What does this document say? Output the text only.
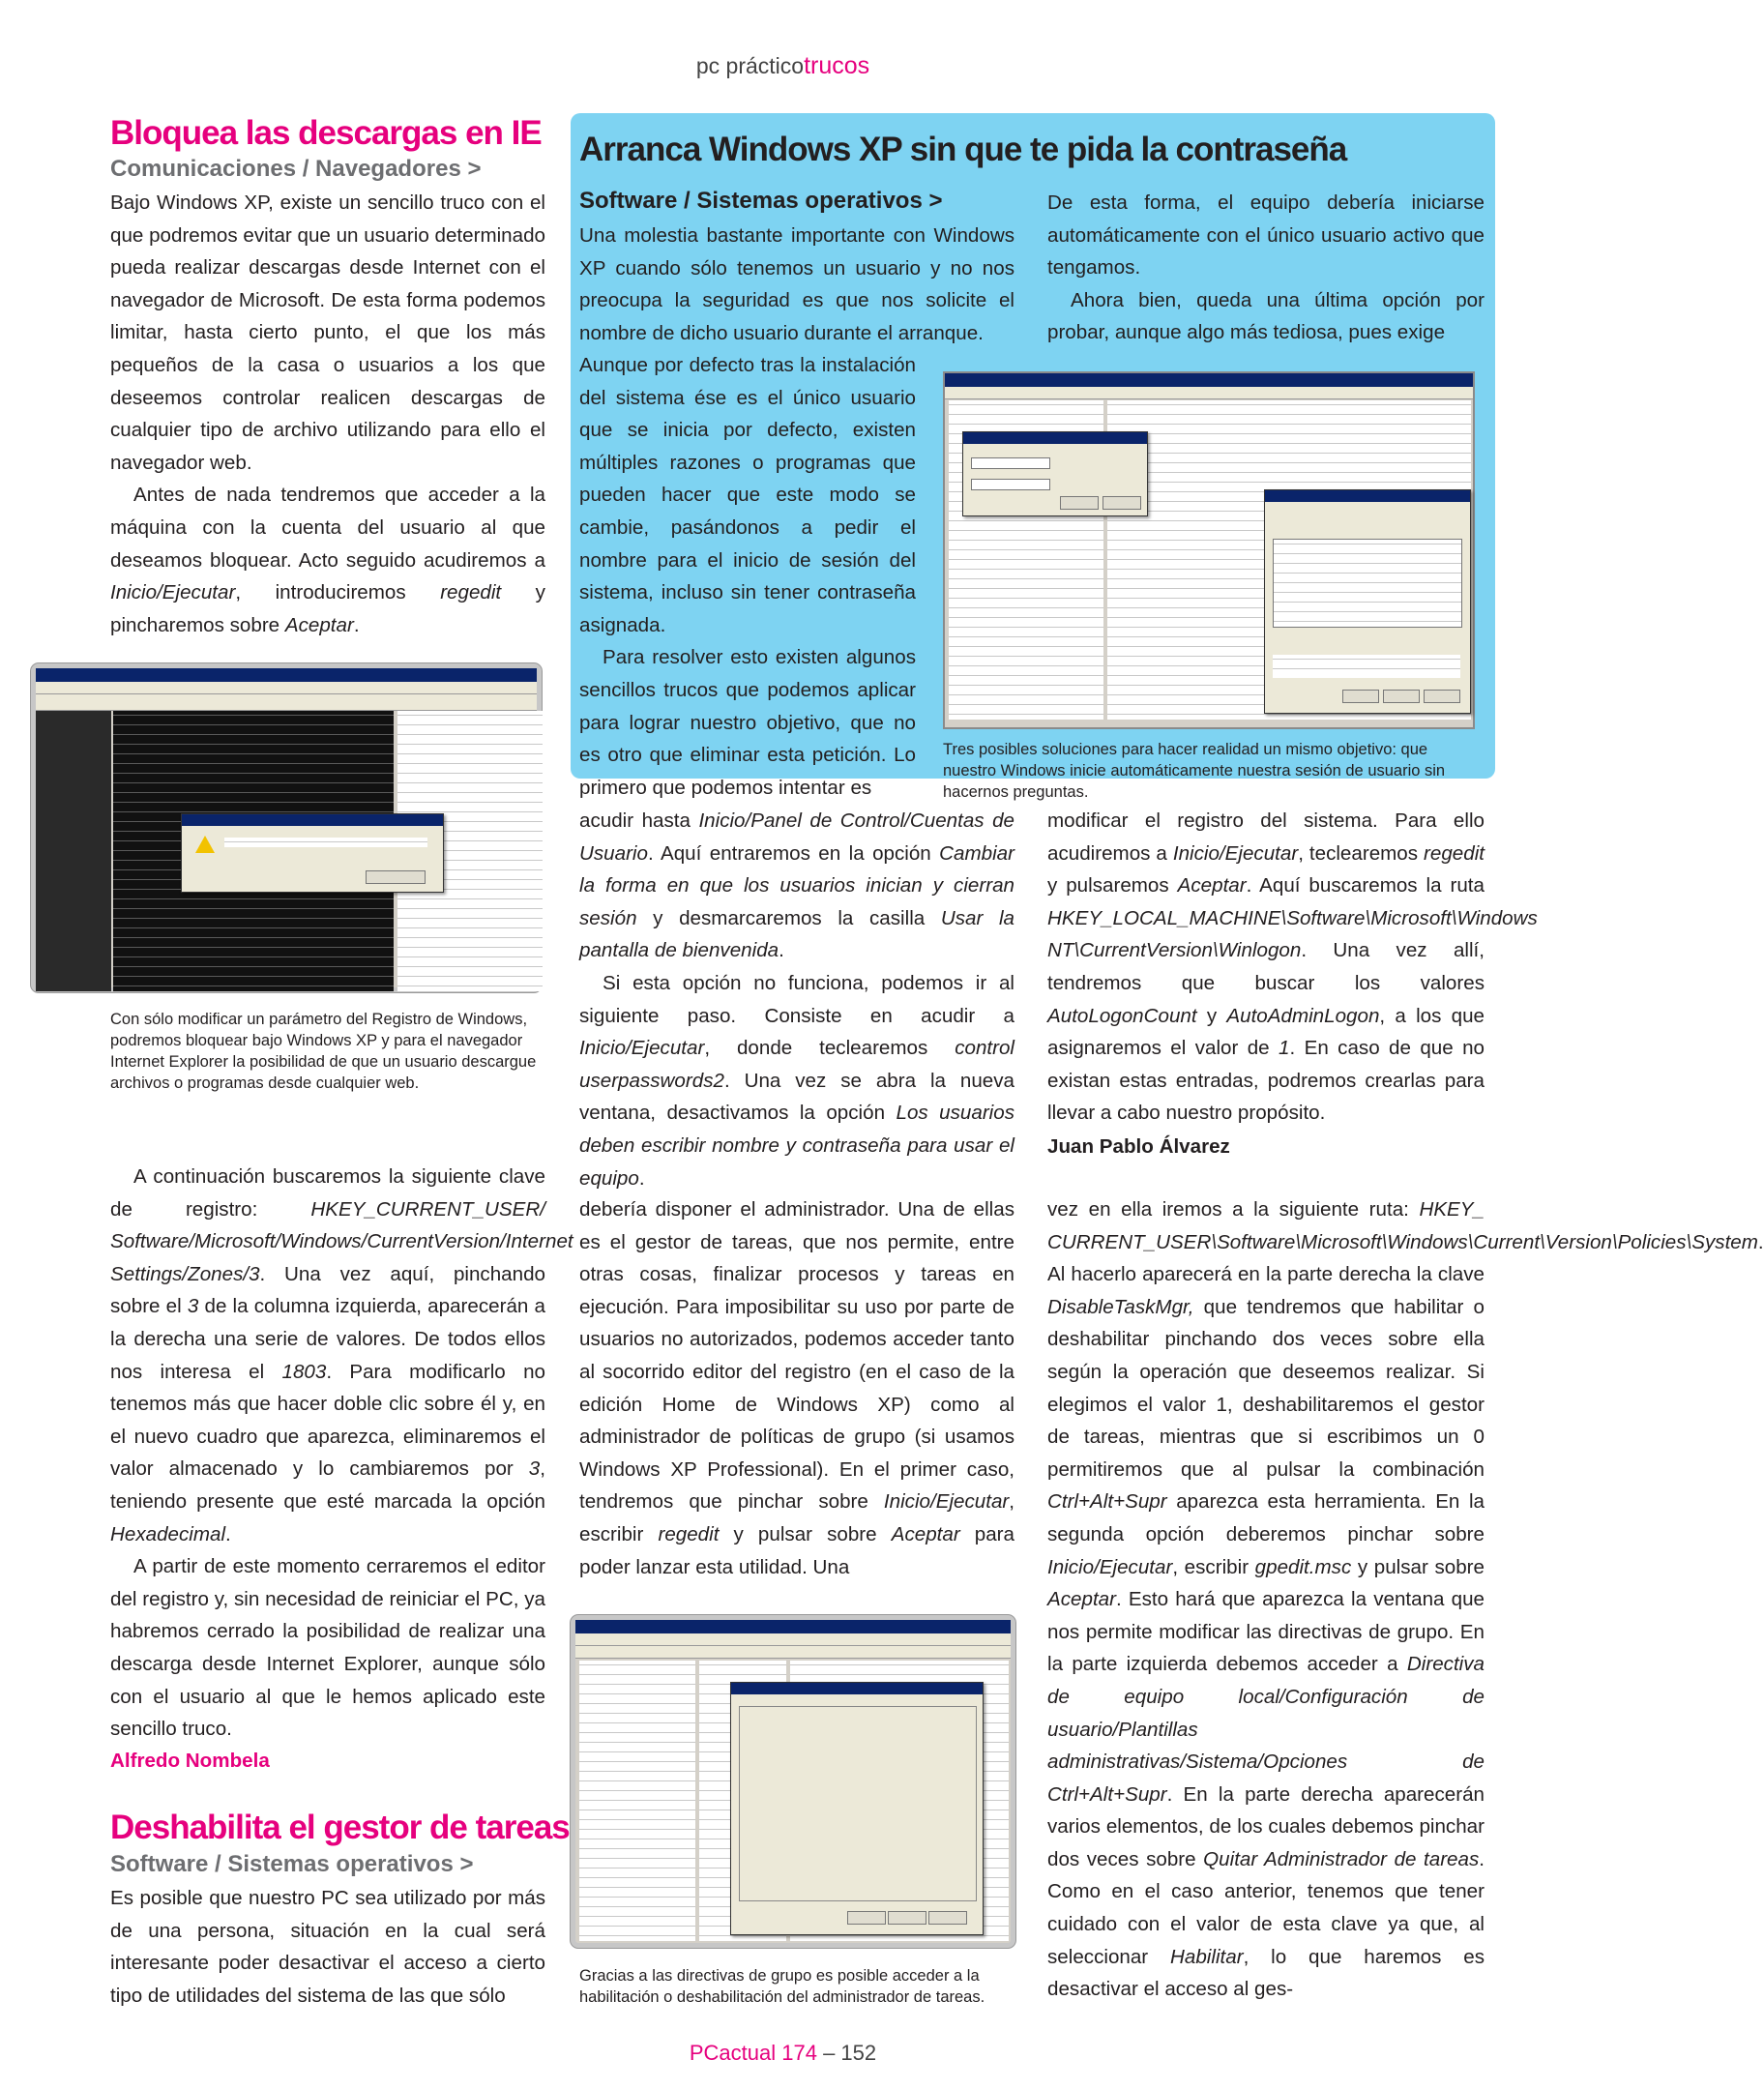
pc prácticotrucos
Bloquea las descargas en IE
Comunicaciones / Navegadores >

Bajo Windows XP, existe un sencillo truco con el que podremos evitar que un usuario determinado pueda realizar descargas desde Internet con el navegador de Microsoft. De esta forma podemos limitar, hasta cierto punto, el que los más pequeños de la casa o usuarios a los que deseemos controlar realicen descargas de cualquier tipo de archivo utilizando para ello el navegador web.

Antes de nada tendremos que acceder a la máquina con la cuenta del usuario al que deseamos bloquear. Acto seguido acudiremos a Inicio/Ejecutar, introduciremos regedit y pincharemos sobre Aceptar.

Con sólo modificar un parámetro del Registro de Windows, podremos bloquear bajo Windows XP y para el navegador Internet Explorer la posibilidad de que un usuario descargue archivos o programas desde cualquier web.

A continuación buscaremos la siguiente clave de registro: HKEY_CURRENT_USER/ Software/Microsoft/Windows/CurrentVersion/Internet Settings/Zones/3. Una vez aquí, pinchando sobre el 3 de la columna izquierda, aparecerán a la derecha una serie de valores. De todos ellos nos interesa el 1803. Para modificarlo no tenemos más que hacer doble clic sobre él y, en el nuevo cuadro que aparezca, eliminaremos el valor almacenado y lo cambiaremos por 3, teniendo presente que esté marcada la opción Hexadecimal.

A partir de este momento cerraremos el editor del registro y, sin necesidad de reiniciar el PC, ya habremos cerrado la posibilidad de realizar una descarga desde Internet Explorer, aunque sólo con el usuario al que le hemos aplicado este sencillo truco.

Alfredo Nombela
Deshabilita el gestor de tareas
Software / Sistemas operativos >

Es posible que nuestro PC sea utilizado por más de una persona, situación en la cual será interesante poder desactivar el acceso a cierto tipo de utilidades del sistema de las que sólo

Arranca Windows XP sin que te pida la contraseña
Software / Sistemas operativos >

Una molestia bastante importante con Windows XP cuando sólo tenemos un usuario y no nos preocupa la seguridad es que nos solicite el nombre de dicho usuario durante el arranque.

Aunque por defecto tras la instalación del sistema ése es el único usuario que se inicia por defecto, existen múltiples razones o programas que pueden hacer que este modo se cambie, pasándonos a pedir el nombre para el inicio de sesión del sistema, incluso sin tener contraseña asignada.

Para resolver esto existen algunos sencillos trucos que podemos aplicar para lograr nuestro objetivo, que no es otro que eliminar esta petición. Lo primero que podemos intentar es

acudir hasta Inicio/Panel de Control/Cuentas de Usuario. Aquí entraremos en la opción Cambiar la forma en que los usuarios inician y cierran sesión y desmarcaremos la casilla Usar la pantalla de bienvenida.

Si esta opción no funciona, podemos ir al siguiente paso. Consiste en acudir a Inicio/Ejecutar, donde teclearemos control userpasswords2. Una vez se abra la nueva ventana, desactivamos la opción Los usuarios deben escribir nombre y contraseña para usar el equipo.

De esta forma, el equipo debería iniciarse automáticamente con el único usuario activo que tengamos.

Ahora bien, queda una última opción por probar, aunque algo más tediosa, pues exige

Tres posibles soluciones para hacer realidad un mismo objetivo: que nuestro Windows inicie automáticamente nuestra sesión de usuario sin hacernos preguntas.

modificar el registro del sistema. Para ello acudiremos a Inicio/Ejecutar, teclearemos regedit y pulsaremos Aceptar. Aquí buscaremos la ruta HKEY_LOCAL_MACHINE\Software\Microsoft\Windows NT\CurrentVersion\Winlogon. Una vez allí, tendremos que buscar los valores AutoLogonCount y AutoAdminLogon, a los que asignaremos el valor de 1. En caso de que no existan estas entradas, podremos crearlas para llevar a cabo nuestro propósito.

Juan Pablo Álvarez

debería disponer el administrador. Una de ellas es el gestor de tareas, que nos permite, entre otras cosas, finalizar procesos y tareas en ejecución. Para imposibilitar su uso por parte de usuarios no autorizados, podemos acceder tanto al socorrido editor del registro (en el caso de la edición Home de Windows XP) como al administrador de políticas de grupo (si usamos Windows XP Professional). En el primer caso, tendremos que pinchar sobre Inicio/Ejecutar, escribir regedit y pulsar sobre Aceptar para poder lanzar esta utilidad. Una

Gracias a las directivas de grupo es posible acceder a la habilitación o deshabilitación del administrador de tareas.

vez en ella iremos a la siguiente ruta: HKEY_ CURRENT_USER\Software\Microsoft\Windows\Current\Version\Policies\System. Al hacerlo aparecerá en la parte derecha la clave DisableTaskMgr, que tendremos que habilitar o deshabilitar pinchando dos veces sobre ella según la operación que deseemos realizar. Si elegimos el valor 1, deshabilitaremos el gestor de tareas, mientras que si escribimos un 0 permitiremos que al pulsar la combinación Ctrl+Alt+Supr aparezca esta herramienta. En la segunda opción deberemos pinchar sobre Inicio/Ejecutar, escribir gpedit.msc y pulsar sobre Aceptar. Esto hará que aparezca la ventana que nos permite modificar las directivas de grupo. En la parte izquierda debemos acceder a Directiva de equipo local/Configuración de usuario/Plantillas administrativas/Sistema/Opciones de Ctrl+Alt+Supr. En la parte derecha aparecerán varios elementos, de los cuales debemos pinchar dos veces sobre Quitar Administrador de tareas. Como en el caso anterior, tenemos que tener cuidado con el valor de esta clave ya que, al seleccionar Habilitar, lo que haremos es desactivar el acceso al ges-

PCactual 174 – 152
